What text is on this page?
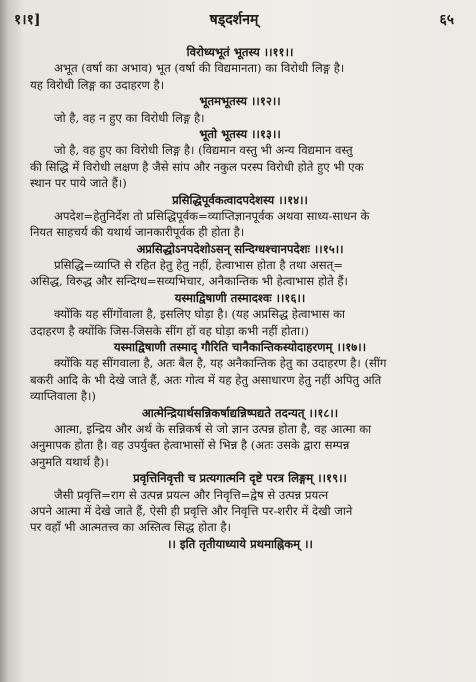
१।१]	षड्दर्शनम्	६५
विरोध्यभूतं भूतस्य ।।११।।
अभूत (वर्षा का अभाव) भूत (वर्षा की विद्यमानता) का विरोधी लिङ्ग है।
यह विरोधी लिङ्ग का उदाहरण है।
भूतमभूतस्य ।।१२।।
जो है, वह न हुए का विरोधी लिङ्ग है।
भूतो भूतस्य ।।१३।।
जो है, वह हुए का विरोधी लिङ्ग है। (विद्यमान वस्तु भी अन्य विद्यमान वस्तु
की सिद्धि में विरोधी लक्षण है जैसे सांप और नकुल परस्प विरोधी होते हुए भी एक
स्थान पर पाये जाते हैं।)
प्रसिद्धिपूर्वकत्वादपदेशस्य ।।१४।।
अपदेश=हेतुनिर्देश तो प्रसिद्धिपूर्वक=व्याप्तिज्ञानपूर्वक अथवा साध्य-साधन के
नियत साहचर्य की यथार्थ जानकारीपूर्वक ही होता है।
अप्रसिद्धोऽनपदेशोऽसन् सन्दिग्धश्चानपदेशः ।।१५।।
प्रसिद्धि=व्याप्ति से रहित हेतु हेतु नहीं, हेत्वाभास होता है तथा असत्=
असिद्ध, विरुद्ध और सन्दिग्ध=सव्यभिचार, अनैकान्तिक भी हेत्वाभास होते हैं।
यस्माद्विषाणी तस्मादश्वः ।।१६।।
क्योंकि यह सींगोंवाला है, इसलिए घोड़ा है। (यह अप्रसिद्ध हेत्वाभास का
उदाहरण है क्योंकि जिस-जिसके सींग हों वह घोड़ा कभी नहीं होता।)
यस्माद्विषाणी तस्माद् गौरिति चानैकान्तिकस्योदाहरणम् ।।१७।।
क्योंकि यह सींगवाला है, अतः बैल है, यह अनैकान्तिक हेतु का उदाहरण है। (सींग
बकरी आदि के भी देखे जाते हैं, अतः गोत्व में यह हेतु असाधारण हेतु नहीं अपितु अति
व्याप्तिवाला है।)
आत्मेन्द्रियार्थसन्निकर्षाद्यन्निष्पद्यते तदन्यत् ।।१८।।
आत्मा, इन्द्रिय और अर्थ के सन्निकर्ष से जो ज्ञान उत्पन्न होता है, वह आत्मा का
अनुमापक होता है। वह उपर्युक्त हेत्वाभासों से भिन्न है (अतः उसके द्वारा सम्पन्न
अनुमति यथार्थ है)।
प्रवृत्तिनिवृत्ती च प्रत्यगात्मनि दृष्टे परत्र लिङ्गम् ।।१९।।
जैसी प्रवृत्ति=राग से उत्पन्न प्रयत्न और निवृत्ति=द्वेष से उत्पन्न प्रयत्न
अपने आत्मा में देखे जाते हैं, ऐसी ही प्रवृत्ति और निवृत्ति पर-शरीर में देखी जाने
पर वहाँ भी आत्मतत्त्व का अस्तित्व सिद्ध होता है।
।। इति तृतीयाध्याये प्रथमाह्निकम् ।।
